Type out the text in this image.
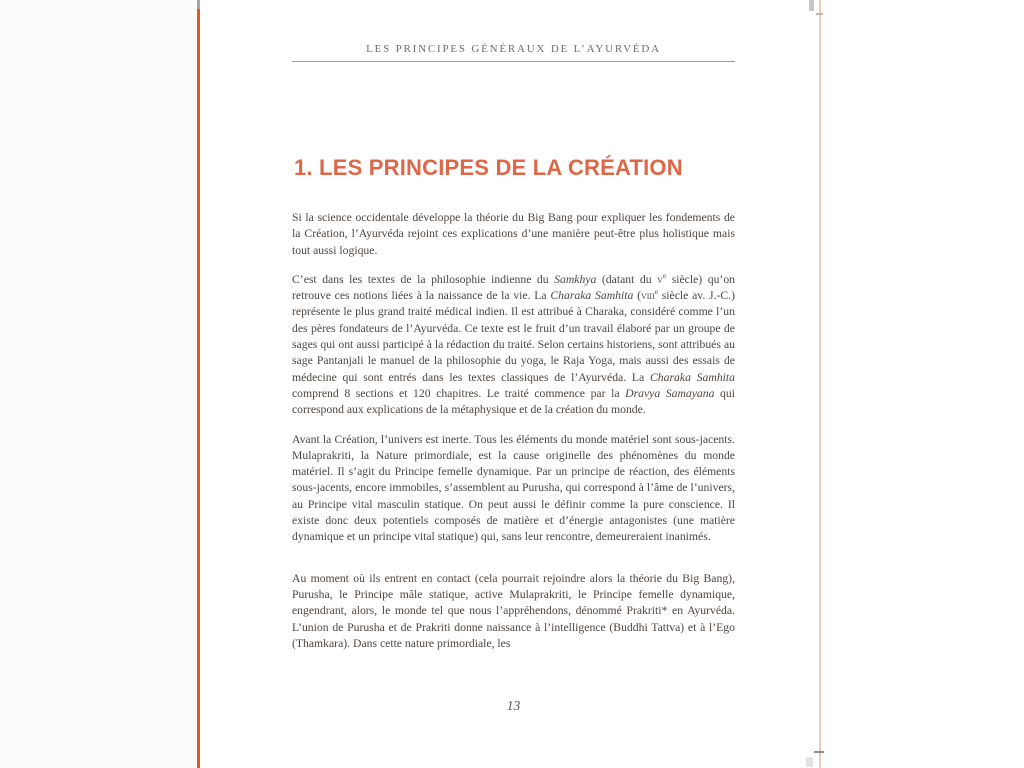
LES PRINCIPES GÉNÉRAUX DE L’AYURVÉDA
1. LES PRINCIPES DE LA CRÉATION

Si la science occidentale développe la théorie du Big Bang pour expliquer les fondements de la Création, l’Ayurvéda rejoint ces explications d’une manière peut-être plus holistique mais tout aussi logique.

C’est dans les textes de la philosophie indienne du Samkhya (datant du $v^e$ siècle) qu’on retrouve ces notions liées à la naissance de la vie. La Charaka Samhita (viii$^e$ siècle av. J.-C.) représente le plus grand traité médical indien. Il est attribué à Charaka, considéré comme l’un des pères fondateurs de l’Ayurvéda. Ce texte est le fruit d’un travail élaboré par un groupe de sages qui ont aussi participé à la rédaction du traité. Selon certains historiens, sont attribués au sage Pantanjali le manuel de la philosophie du yoga, le Raja Yoga, mais aussi des essais de médecine qui sont entrés dans les textes classiques de l’Ayurvéda. La Charaka Samhita comprend 8 sections et 120 chapitres. Le traité commence par la Dravya Samayana qui correspond aux explications de la métaphysique et de la création du monde.

Avant la Création, l’univers est inerte. Tous les éléments du monde matériel sont sous-jacents. Mulaprakriti, la Nature primordiale, est la cause originelle des phénomènes du monde matériel. Il s’agit du Principe femelle dynamique. Par un principe de réaction, des éléments sous-jacents, encore immobiles, s’assemblent au Purusha, qui correspond à l’âme de l’univers, au Principe vital masculin statique. On peut aussi le définir comme la pure conscience. Il existe donc deux potentiels composés de matière et d’énergie antagonistes (une matière dynamique et un principe vital statique) qui, sans leur rencontre, demeureraient inanimés.

Au moment où ils entrent en contact (cela pourrait rejoindre alors la théorie du Big Bang), Purusha, le Principe mâle statique, active Mulaprakriti, le Principe femelle dynamique, engendrant, alors, le monde tel que nous l’appréhendons, dénommé Prakriti* en Ayurvéda. L’union de Purusha et de Prakriti donne naissance à l’intelligence (Buddhi Tattva) et à l’Ego (Thamkara). Dans cette nature primordiale, les

13
